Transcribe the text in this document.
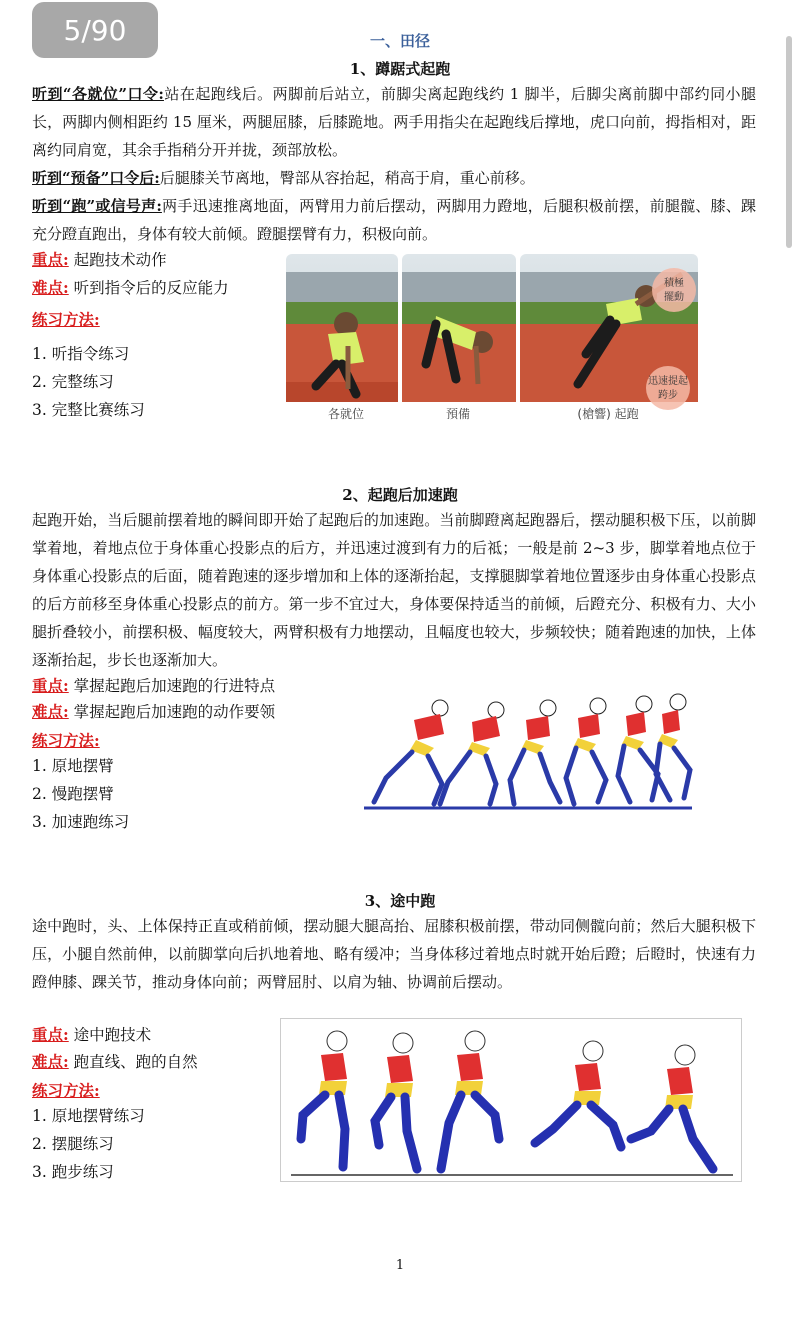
5/90	一、田径
1、蹲踞式起跑

听到“各就位”口令:站在起跑线后。两脚前后站立，前脚尖离起跑线约 1 脚半，后脚尖离前脚中部约同小腿长，两脚内侧相距约 15 厘米，两腿屈膝，后膝跪地。两手用指尖在起跑线后撑地，虎口向前，拇指相对，距离约同肩宽，其余手指稍分开并拢，颈部放松。
听到“预备”口令后:后腿膝关节离地，臀部从容抬起，稍高于肩，重心前移。
听到“跑”或信号声:两手迅速推离地面，两臂用力前后摆动，两脚用力蹬地，后腿积极前摆，前腿髋、膝、踝充分蹬直跑出，身体有较大前倾。蹬腿摆臂有力，积极向前。

重点: 起跑技术动作
难点: 听到指令后的反应能力
练习方法:
1. 听指令练习
2. 完整练习
3. 完整比赛练习
積極
擺動
迅速提起
跨步
各就位	預備	(槍響) 起跑
2、起跑后加速跑

起跑开始，当后腿前摆着地的瞬间即开始了起跑后的加速跑。当前脚蹬离起跑器后，摆动腿积极下压，以前脚掌着地，着地点位于身体重心投影点的后方，并迅速过渡到有力的后祗；一般是前 2~3 步，脚掌着地点位于身体重心投影点的后面，随着跑速的逐步增加和上体的逐渐抬起，支撑腿脚掌着地位置逐步由身体重心投影点的后方前移至身体重心投影点的前方。第一步不宜过大，身体要保持适当的前倾，后蹬充分、积极有力、大小腿折叠较小，前摆积极、幅度较大，两臂积极有力地摆动，且幅度也较大，步频较快；随着跑速的加快，上体逐渐抬起，步长也逐渐加大。

重点: 掌握起跑后加速跑的行进特点
难点: 掌握起跑后加速跑的动作要领
练习方法:
1. 原地摆臂
2. 慢跑摆臂
3. 加速跑练习
3、途中跑

途中跑时，头、上体保持正直或稍前倾，摆动腿大腿高抬、屈膝积极前摆，带动同侧髋向前；然后大腿积极下压，小腿自然前伸，以前脚掌向后扒地着地、略有缓冲；当身体移过着地点时就开始后蹬；后瞪时，快速有力蹬伸膝、踝关节，推动身体向前；两臂屈肘、以肩为轴、协调前后摆动。

重点: 途中跑技术
难点: 跑直线、跑的自然
练习方法:
1. 原地摆臂练习
2. 摆腿练习
3. 跑步练习
1
